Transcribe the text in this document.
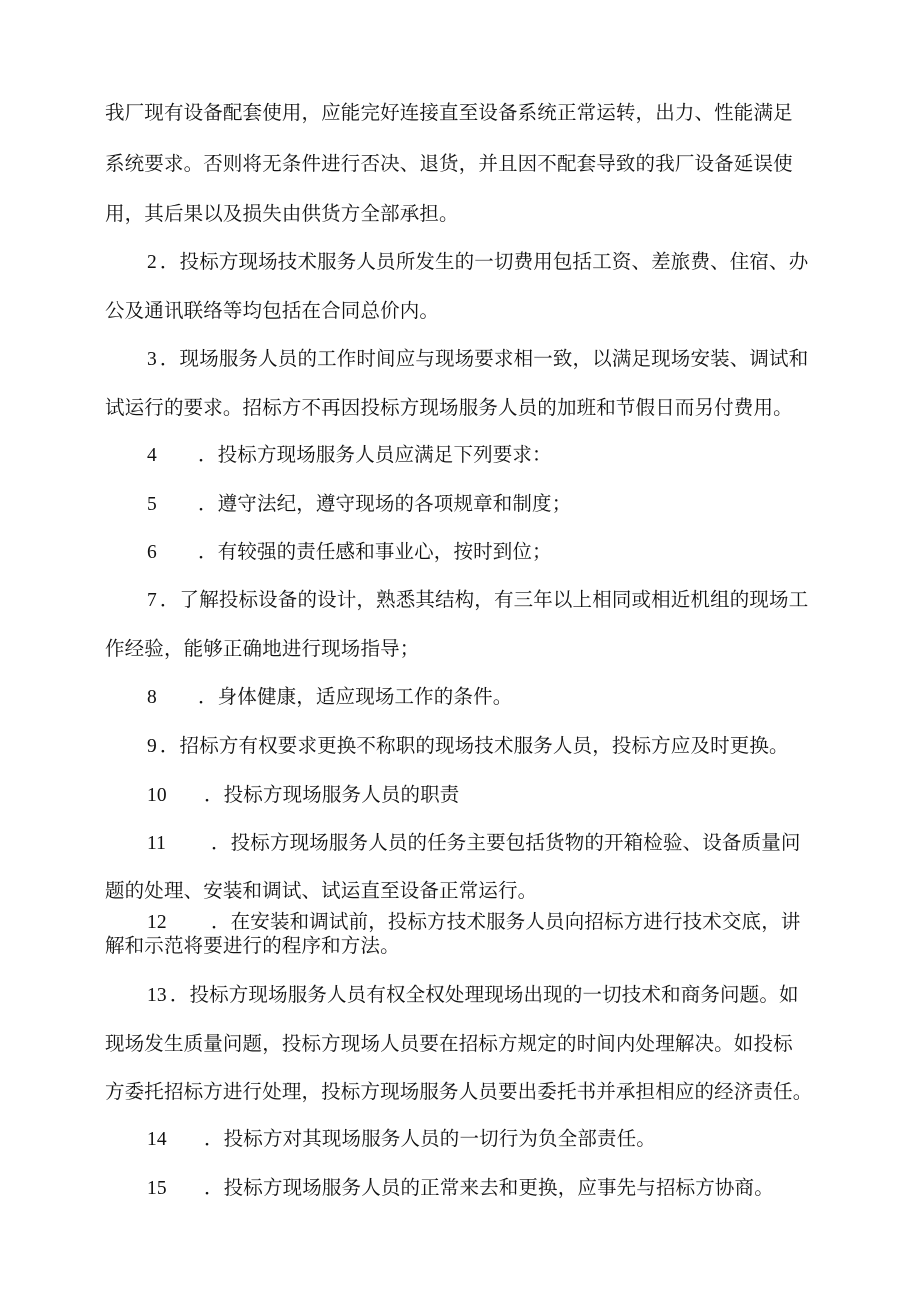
我厂现有设备配套使用，应能完好连接直至设备系统正常运转，出力、性能满足
系统要求。否则将无条件进行否决、退货，并且因不配套导致的我厂设备延误使
用，其后果以及损失由供货方全部承担。
2 ．投标方现场技术服务人员所发生的一切费用包括工资、差旅费、住宿、办
公及通讯联络等均包括在合同总价内。
3 ．现场服务人员的工作时间应与现场要求相一致，以满足现场安装、调试和
试运行的要求。招标方不再因投标方现场服务人员的加班和节假日而另付费用。
4 ．投标方现场服务人员应满足下列要求：
5 ．遵守法纪，遵守现场的各项规章和制度；
6 ．有较强的责任感和事业心，按时到位；
7 ．了解投标设备的设计，熟悉其结构，有三年以上相同或相近机组的现场工
作经验，能够正确地进行现场指导；
8 ．身体健康，适应现场工作的条件。
9 ．招标方有权要求更换不称职的现场技术服务人员，投标方应及时更换。
10 ．投标方现场服务人员的职责
11 ．投标方现场服务人员的任务主要包括货物的开箱检验、设备质量问
题的处理、安装和调试、试运直至设备正常运行。
12 ．在安装和调试前，投标方技术服务人员向招标方进行技术交底，讲
解和示范将要进行的程序和方法。
13 ．投标方现场服务人员有权全权处理现场出现的一切技术和商务问题。如
现场发生质量问题，投标方现场人员要在招标方规定的时间内处理解决。如投标
方委托招标方进行处理，投标方现场服务人员要出委托书并承担相应的经济责任。
14 ．投标方对其现场服务人员的一切行为负全部责任。
15 ．投标方现场服务人员的正常来去和更换，应事先与招标方协商。
